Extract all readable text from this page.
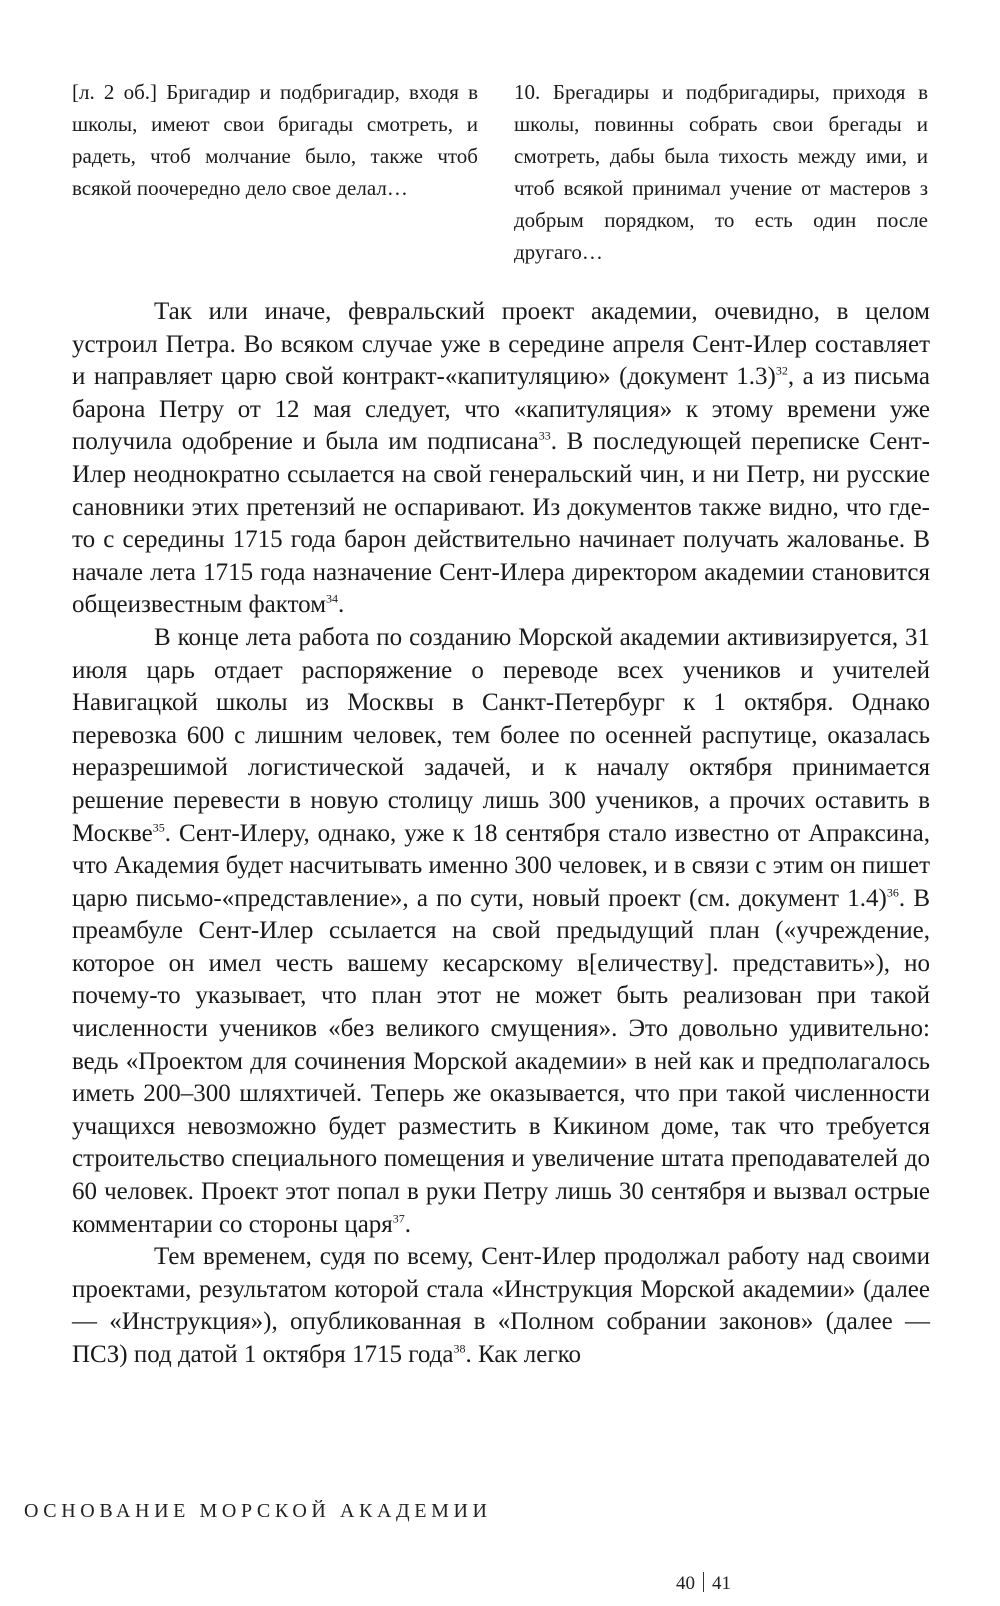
[л. 2 об.] Бригадир и подбригадир, входя в школы, имеют свои бригады смотреть, и радеть, чтоб молчание было, также чтоб всякой поочередно дело свое делал…

10. Брегадиры и подбригадиры, приходя в школы, повинны собрать свои брегады и смотреть, дабы была тихость между ими, и чтоб всякой принимал учение от мастеров з добрым порядком, то есть один после другаго…

Так или иначе, февральский проект академии, очевидно, в целом устроил Петра. Во всяком случае уже в середине апреля Сент-Илер составляет и направляет царю свой контракт-«капитуляцию» (документ 1.3)$^{32}$, а из письма барона Петру от 12 мая следует, что «капитуляция» к этому времени уже получила одобрение и была им подписана$^{33}$. В последующей переписке Сент-Илер неоднократно ссылается на свой генеральский чин, и ни Петр, ни русские сановники этих претензий не оспаривают. Из документов также видно, что где-то с середины 1715 года барон действительно начинает получать жалованье. В начале лета 1715 года назначение Сент-Илера директором академии становится общеизвестным фактом$^{34}$.

В конце лета работа по созданию Морской академии активизируется, 31 июля царь отдает распоряжение о переводе всех учеников и учителей Навигацкой школы из Москвы в Санкт-Петербург к 1 октября. Однако перевозка 600 с лишним человек, тем более по осенней распутице, оказалась неразрешимой логистической задачей, и к началу октября принимается решение перевести в новую столицу лишь 300 учеников, а прочих оставить в Москве$^{35}$. Сент-Илеру, однако, уже к 18 сентября стало известно от Апраксина, что Академия будет насчитывать именно 300 человек, и в связи с этим он пишет царю письмо-«представление», а по сути, новый проект (см. документ 1.4)$^{36}$. В преамбуле Сент-Илер ссылается на свой предыдущий план («учреждение, которое он имел честь вашему кесарскому в[еличеству]. представить»), но почему-то указывает, что план этот не может быть реализован при такой численности учеников «без великого смущения». Это довольно удивительно: ведь «Проектом для сочинения Морской академии» в ней как и предполагалось иметь 200–300 шляхтичей. Теперь же оказывается, что при такой численности учащихся невозможно будет разместить в Кикином доме, так что требуется строительство специального помещения и увеличение штата преподавателей до 60 человек. Проект этот попал в руки Петру лишь 30 сентября и вызвал острые комментарии со стороны царя$^{37}$.

Тем временем, судя по всему, Сент-Илер продолжал работу над своими проектами, результатом которой стала «Инструкция Морской академии» (далее — «Инструкция»), опубликованная в «Полном собрании законов» (далее — ПСЗ) под датой 1 октября 1715 года$^{38}$. Как легко

ОСНОВАНИЕ МОРСКОЙ АКАДЕМИИ
40 41
